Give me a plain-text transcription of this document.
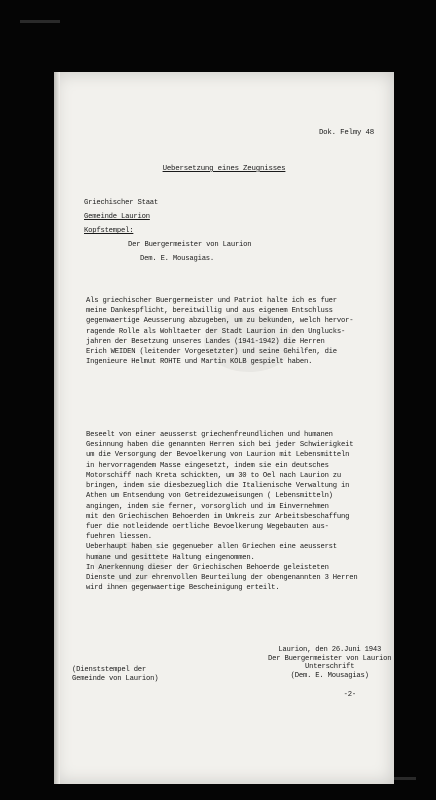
Dok. Felmy 48
Uebersetzung eines Zeugnisses
Griechischer Staat
Gemeinde Laurion
Kopfstempel:
Der Buergermeister von Laurion
Dem. E. Mousagias.

Als griechischer Buergermeister und Patriot halte ich es fuer

meine Dankespflicht, bereitwillig und aus eigenem Entschluss

gegenwaertige Aeusserung abzugeben, um zu bekunden, welch hervor-

ragende Rolle als Wohltaeter der Stadt Laurion in den Unglucks-

jahren der Besetzung unseres Landes (1941-1942) die Herren

Erich WEIDEN (leitender Vorgesetzter) und seine Gehilfen, die

Ingenieure Helmut ROHTE und Martin KOLB gespielt haben.

Beseelt von einer aeusserst griechenfreundlichen und humanen

Gesinnung haben die genannten Herren sich bei jeder Schwierigkeit

um die Versorgung der Bevoelkerung von Laurion mit Lebensmitteln

in hervorragendem Masse eingesetzt, indem sie ein deutsches

Motorschiff nach Kreta schickten, um 30 to Oel nach Laurion zu

bringen, indem sie diesbezueglich die Italienische Verwaltung in

Athen um Entsendung von Getreidezuweisungen ( Lebensmitteln)

angingen, indem sie ferner, vorsorglich und im Einvernehmen

mit den Griechischen Behoerden im Umkreis zur Arbeitsbeschaffung

fuer die notleidende oertliche Bevoelkerung Wegebauten aus-

fuehren liessen.

Ueberhaupt haben sie gegenueber allen Griechen eine aeusserst

humane und gesittete Haltung eingenommen.

In Anerkennung dieser der Griechischen Behoerde geleisteten

Dienste und zur ehrenvollen Beurteilung der obengenannten 3 Herren

wird ihnen gegenwaertige Bescheinigung erteilt.

Laurion, den 26.Juni 1943
Der Buergermeister von Laurion
Unterschrift
(Dem. E. Mousagias)
(Dienststempel der
Gemeinde von Laurion)
-2-
